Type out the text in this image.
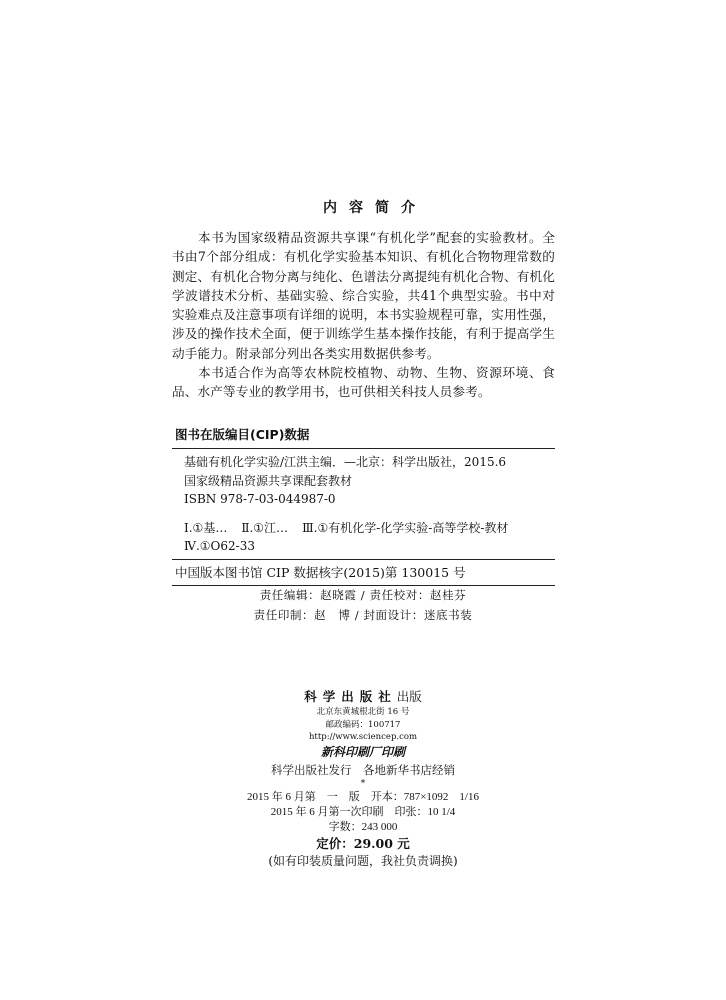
内容简介

本书为国家级精品资源共享课“有机化学”配套的实验教材。全书由7个部分组成：有机化学实验基本知识、有机化合物物理常数的测定、有机化合物分离与纯化、色谱法分离提纯有机化合物、有机化学波谱技术分析、基础实验、综合实验，共41个典型实验。书中对实验难点及注意事项有详细的说明，本书实验规程可靠，实用性强，涉及的操作技术全面，便于训练学生基本操作技能，有利于提高学生动手能力。附录部分列出各类实用数据供参考。

本书适合作为高等农林院校植物、动物、生物、资源环境、食品、水产等专业的教学用书，也可供相关科技人员参考。

图书在版编目(CIP)数据
基础有机化学实验/江洪主编．—北京：科学出版社，2015.6
国家级精品资源共享课配套教材
ISBN 978-7-03-044987-0
Ⅰ.①基… Ⅱ.①江… Ⅲ.①有机化学-化学实验-高等学校-教材
Ⅳ.①O62-33
中国版本图书馆 CIP 数据核字(2015)第 130015 号
责任编辑：赵晓霞 / 责任校对：赵桂芬
责任印制：赵　博 / 封面设计：迷底书装
科学出版社出版
北京东黄城根北街 16 号
邮政编码：100717
http://www.sciencep.com
新科印刷厂印刷
科学出版社发行　各地新华书店经销
*
2015 年 6 月第　一　版　开本：787×1092　1/16
2015 年 6 月第一次印刷　印张：10 1/4
字数：243 000
定价：29.00 元
(如有印装质量问题，我社负责调换)
